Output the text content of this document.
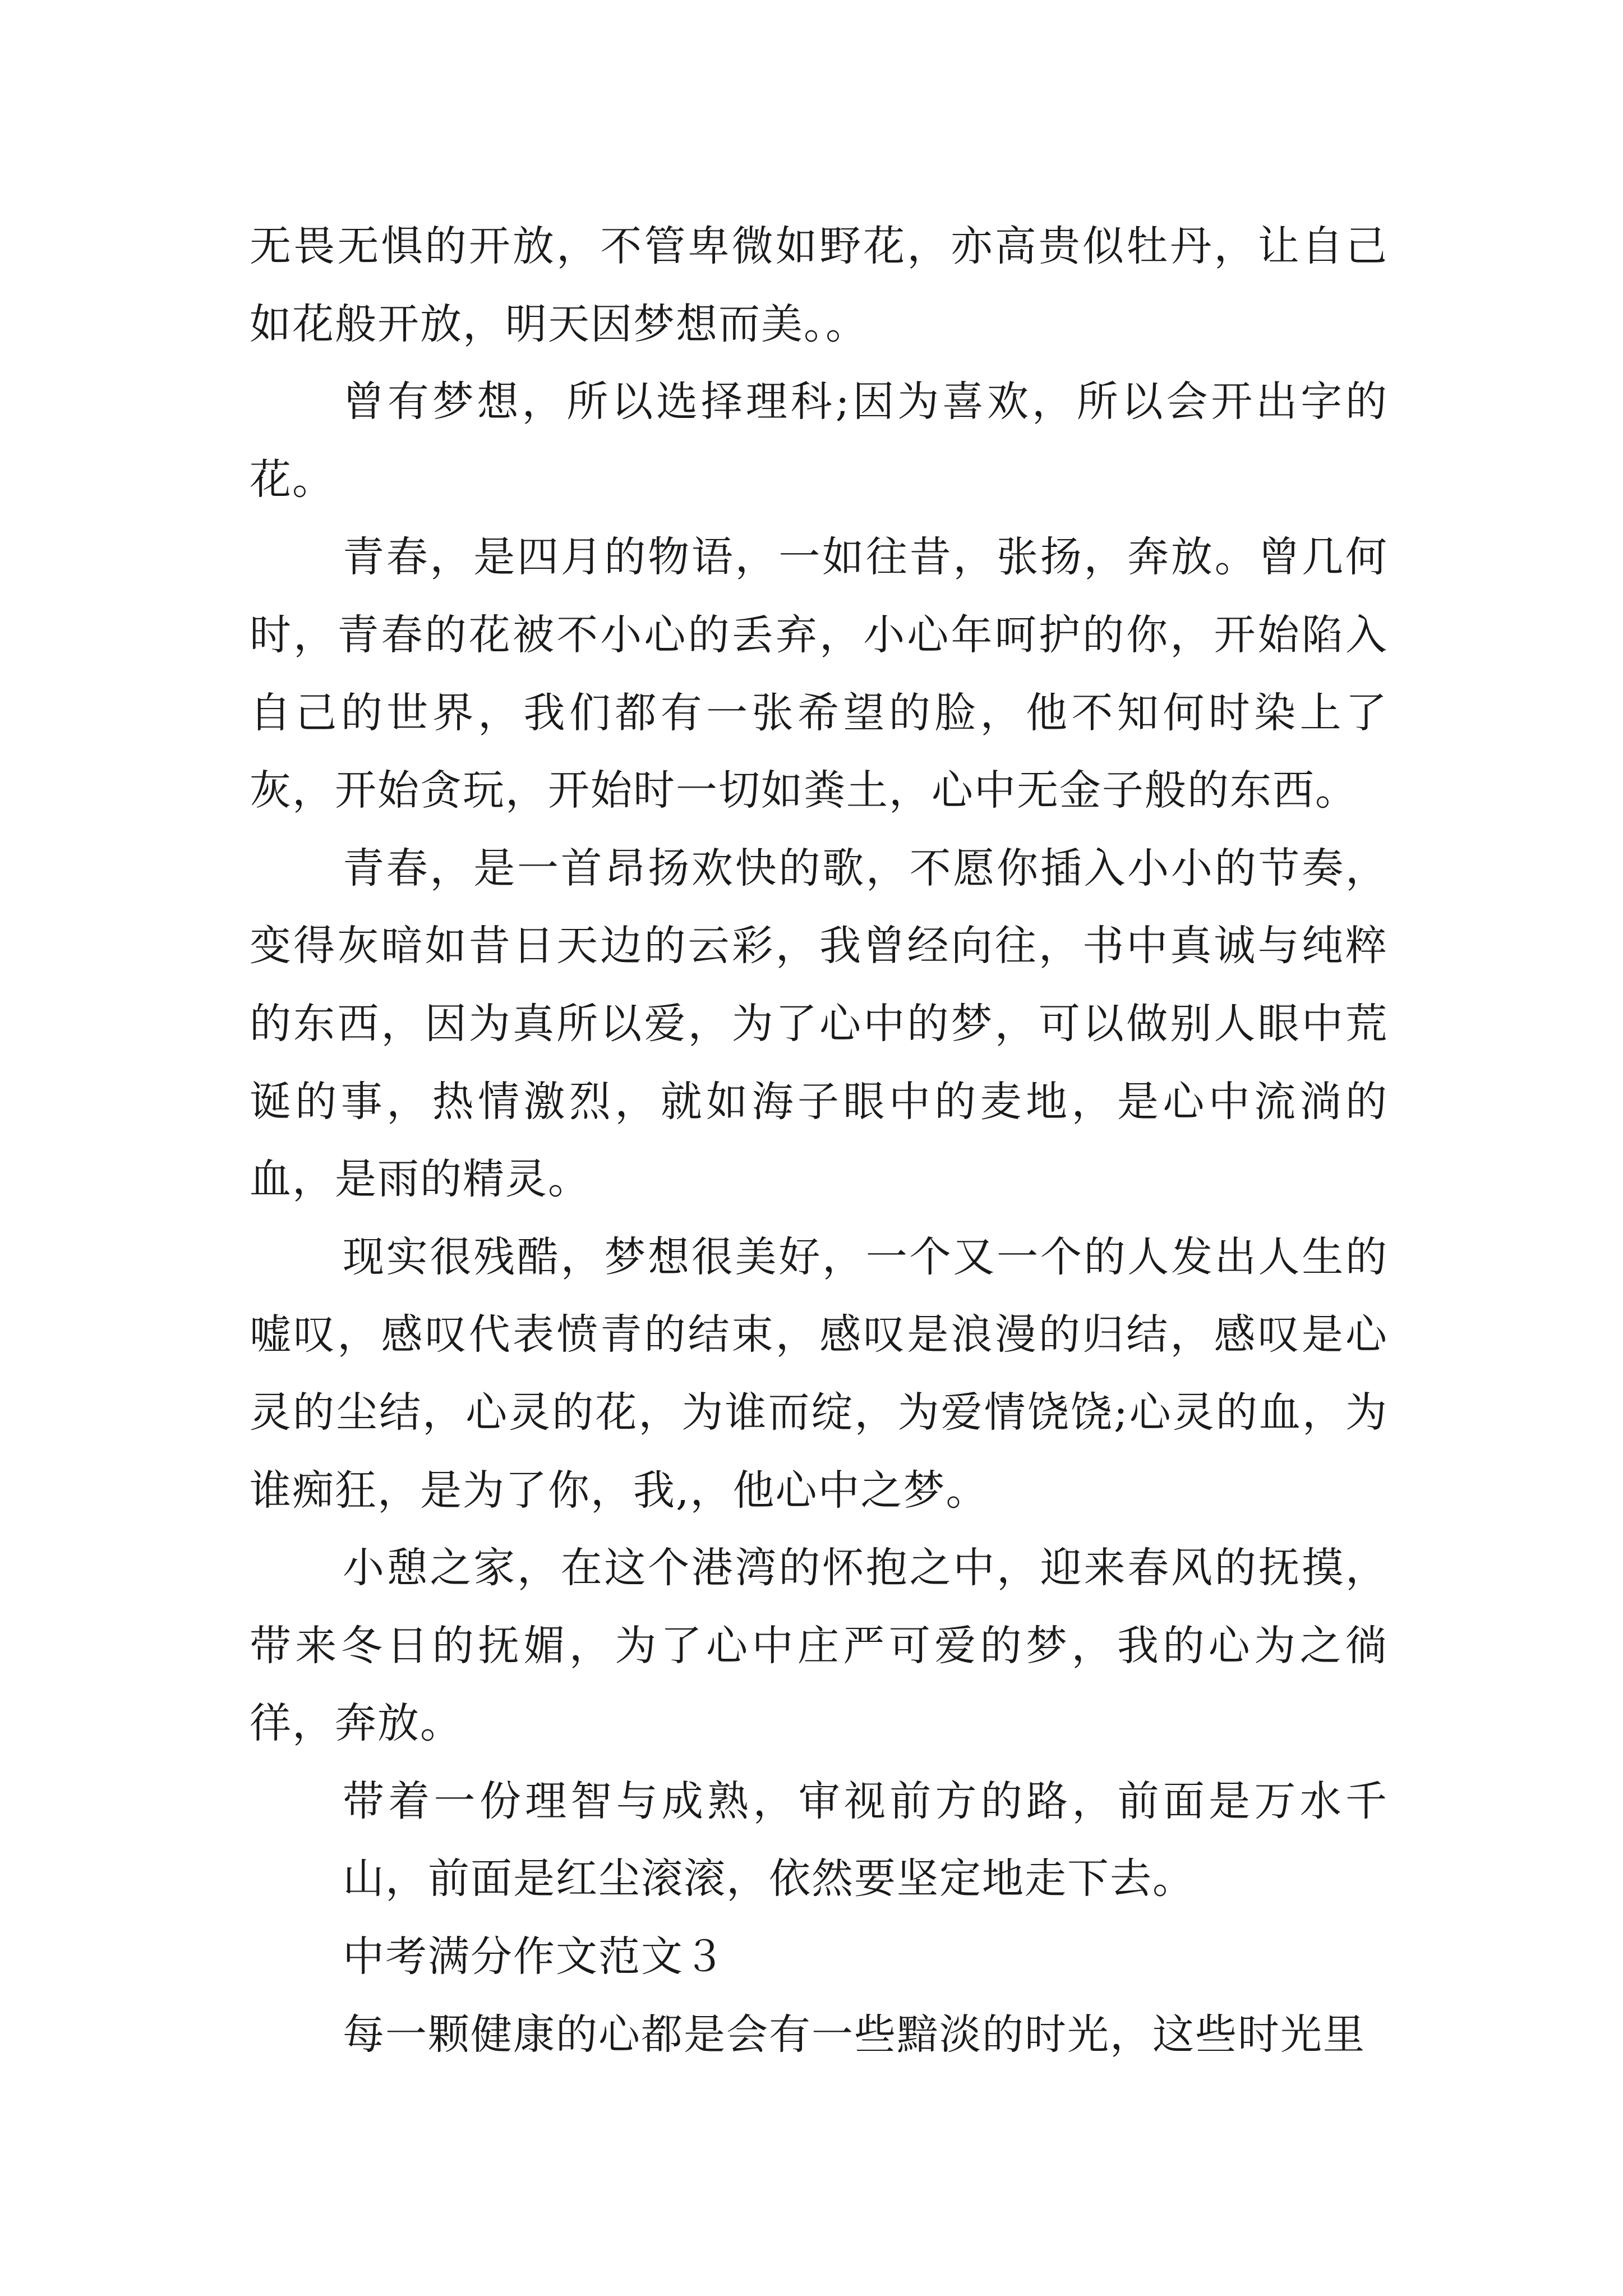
无畏无惧的开放，不管卑微如野花，亦高贵似牡丹，让自己如花般开放，明天因梦想而美。。

曾有梦想，所以选择理科;因为喜欢，所以会开出字的花。

青春，是四月的物语，一如往昔，张扬，奔放。曾几何时，青春的花被不小心的丢弃，小心年呵护的你，开始陷入自己的世界，我们都有一张希望的脸，他不知何时染上了灰，开始贪玩，开始时一切如粪土，心中无金子般的东西。

青春，是一首昂扬欢快的歌，不愿你插入小小的节奏，变得灰暗如昔日天边的云彩，我曾经向往，书中真诚与纯粹的东西，因为真所以爱，为了心中的梦，可以做别人眼中荒诞的事，热情激烈，就如海子眼中的麦地，是心中流淌的血，是雨的精灵。

现实很残酷，梦想很美好，一个又一个的人发出人生的嘘叹，感叹代表愤青的结束，感叹是浪漫的归结，感叹是心灵的尘结，心灵的花，为谁而绽，为爱情饶饶;心灵的血，为谁痴狂，是为了你，我,，他心中之梦。

小憩之家，在这个港湾的怀抱之中，迎来春风的抚摸，带来冬日的抚媚，为了心中庄严可爱的梦，我的心为之徜徉，奔放。

带着一份理智与成熟，审视前方的路，前面是万水千山，前面是红尘滚滚，依然要坚定地走下去。

中考满分作文范文３

每一颗健康的心都是会有一些黯淡的时光，这些时光里
